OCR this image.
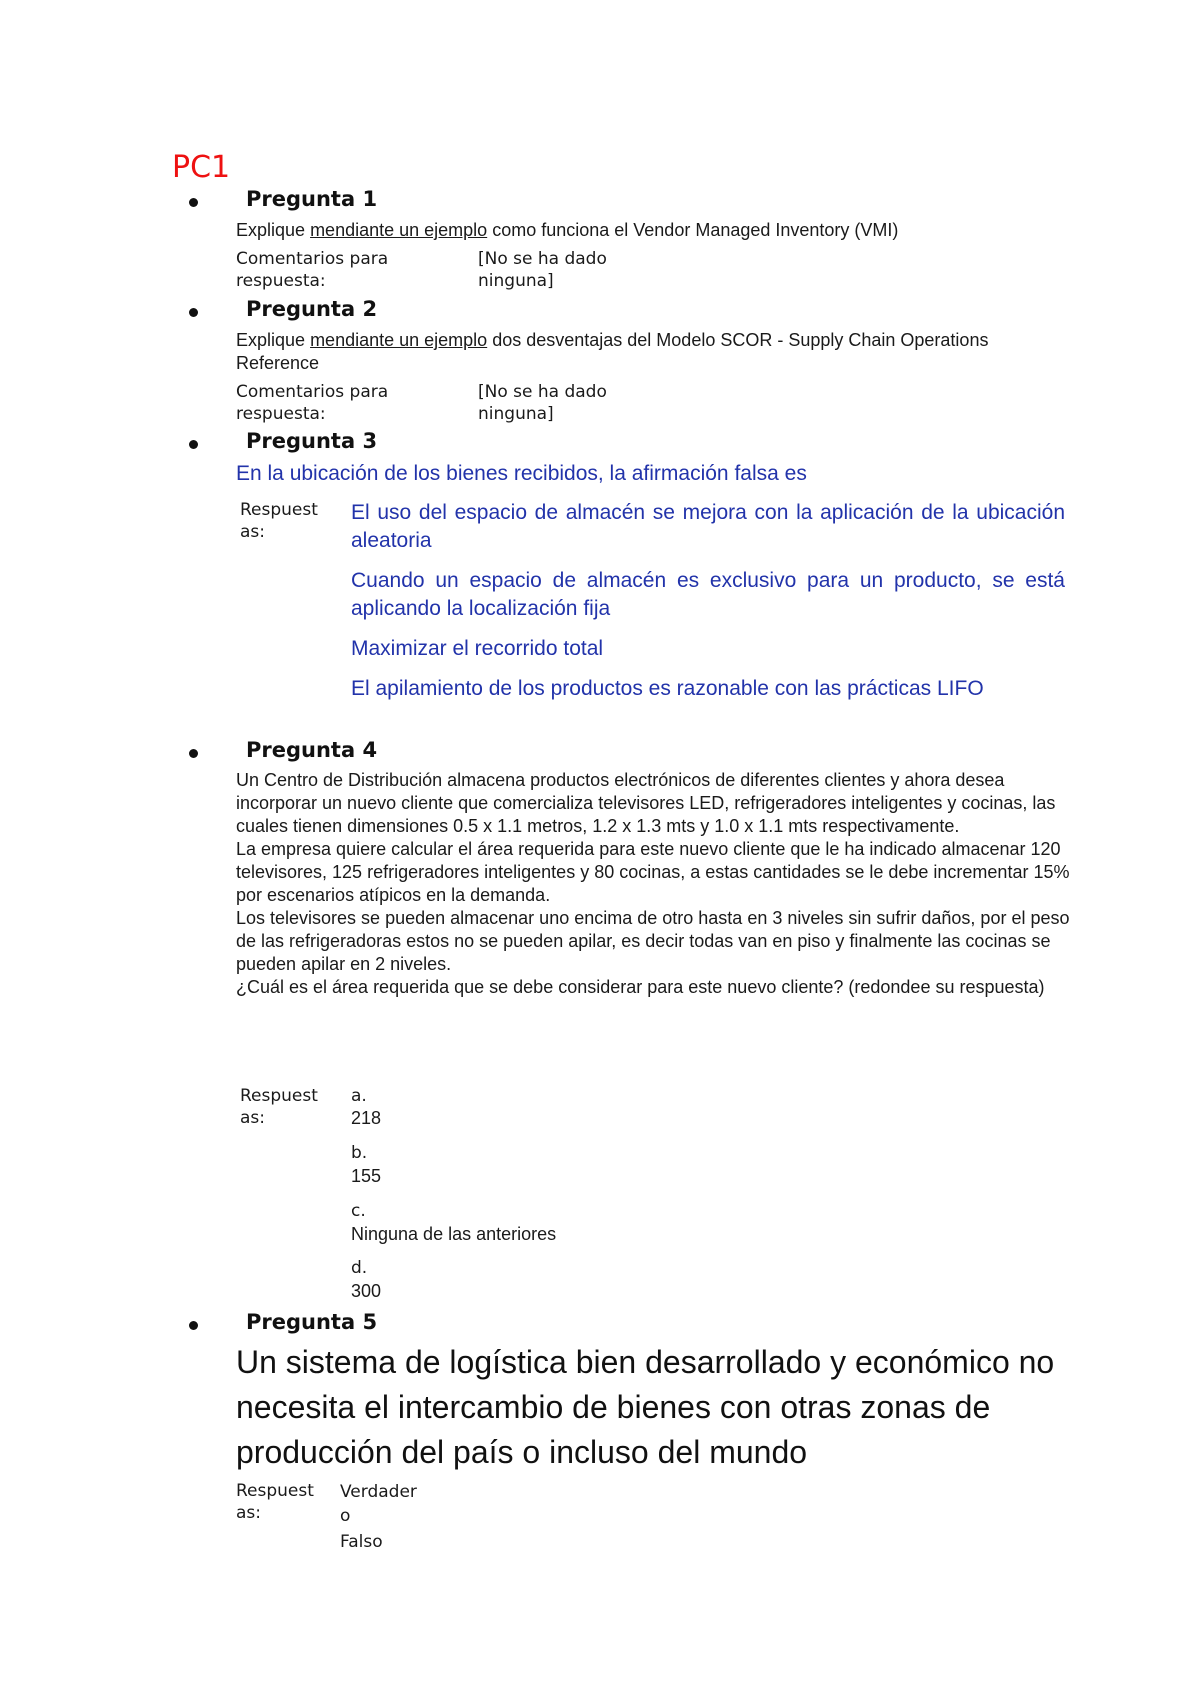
PC1
Pregunta 1
Explique mendiante un ejemplo como funciona el Vendor Managed Inventory (VMI)
Comentarios para
respuesta:
[No se ha dado
ninguna]
Pregunta 2
Explique mendiante un ejemplo dos desventajas del Modelo SCOR - Supply Chain Operations Reference
Comentarios para
respuesta:
[No se ha dado
ninguna]
Pregunta 3
En la ubicación de los bienes recibidos, la afirmación falsa es
Respuest
as:
El uso del espacio de almacén se mejora con la aplicación de la ubicación aleatoria
Cuando un espacio de almacén es exclusivo para un producto, se está aplicando la localización fija
Maximizar el recorrido total
El apilamiento de los productos es razonable con las prácticas LIFO
Pregunta 4
Un Centro de Distribución almacena productos electrónicos de diferentes clientes y ahora desea incorporar un nuevo cliente que comercializa televisores LED, refrigeradores inteligentes y cocinas, las cuales tienen dimensiones 0.5 x 1.1 metros, 1.2 x 1.3 mts y 1.0 x 1.1 mts respectivamente.
La empresa quiere calcular el área requerida para este nuevo cliente que le ha indicado almacenar 120 televisores, 125 refrigeradores inteligentes y 80 cocinas, a estas cantidades se le debe incrementar 15% por escenarios atípicos en la demanda.
Los televisores se pueden almacenar uno encima de otro hasta en 3 niveles sin sufrir daños, por el peso de las refrigeradoras estos no se pueden apilar, es decir todas van en piso y finalmente las cocinas se pueden apilar en 2 niveles.
¿Cuál es el área requerida que se debe considerar para este nuevo cliente? (redondee su respuesta)
Respuest
as:
a.
218
b.
155
c.
Ninguna de las anteriores
d.
300
Pregunta 5
Un sistema de logística bien desarrollado y económico no necesita el intercambio de bienes con otras zonas de producción del país o incluso del mundo
Respuest
as:
Verdader
o
Falso
